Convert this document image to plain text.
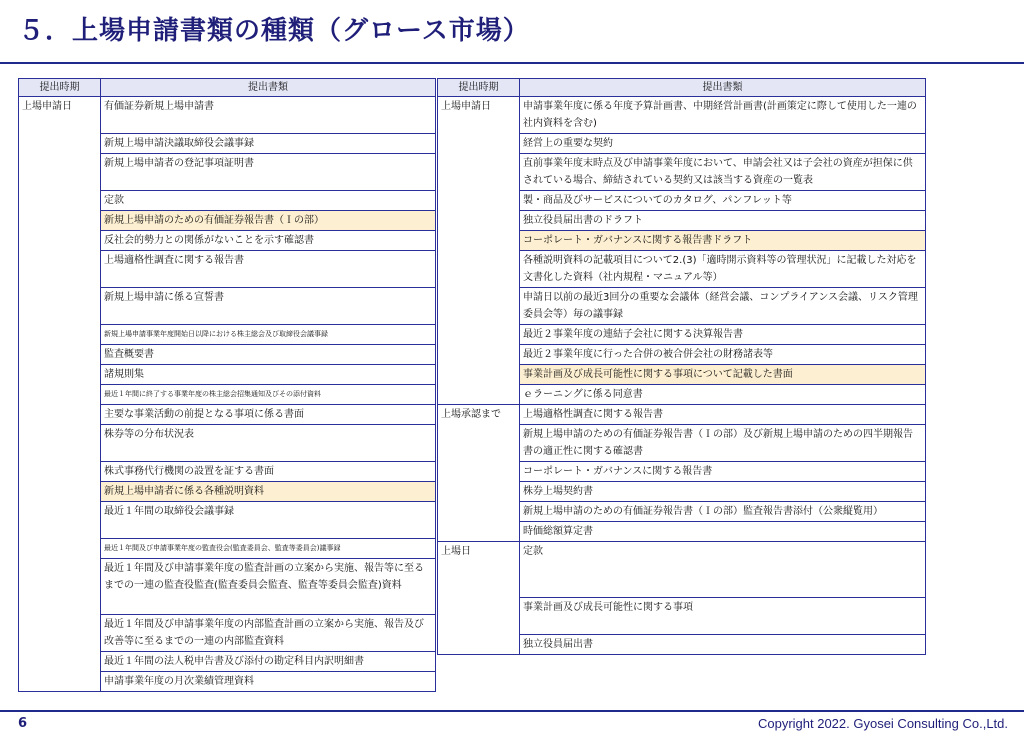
５．上場申請書類の種類（グロース市場）
提出時期	提出書類
上場申請日	有価証券新規上場申請書
	新規上場申請決議取締役会議事録
	新規上場申請者の登記事項証明書
	定款
	新規上場申請のための有価証券報告書（Ｉの部）
	反社会的勢力との関係がないことを示す確認書
	上場適格性調査に関する報告書
	新規上場申請に係る宣誓書
	新規上場申請事業年度開始日以降における株主総会及び取締役会議事録
	監査概要書
	諸規則集
	最近１年間に終了する事業年度の株主総会招集通知及びその添付資料
	主要な事業活動の前提となる事項に係る書面
	株券等の分布状況表
	株式事務代行機関の設置を証する書面
	新規上場申請者に係る各種説明資料
	最近１年間の取締役会議事録
	最近１年間及び申請事業年度の監査役会(監査委員会、監査等委員会)議事録
	最近１年間及び申請事業年度の監査計画の立案から実施、報告等に至るまでの一連の監査役監査(監査委員会監査、監査等委員会監査)資料
	最近１年間及び申請事業年度の内部監査計画の立案から実施、報告及び改善等に至るまでの一連の内部監査資料
	最近１年間の法人税申告書及び添付の勘定科目内訳明細書
	申請事業年度の月次業績管理資料
提出時期	提出書類
上場申請日	申請事業年度に係る年度予算計画書、中期経営計画書(計画策定に際して使用した一連の社内資料を含む)
	経営上の重要な契約
	直前事業年度末時点及び申請事業年度において、申請会社又は子会社の資産が担保に供されている場合、締結されている契約又は該当する資産の一覧表
	製・商品及びサービスについてのカタログ、パンフレット等
	独立役員届出書のドラフト
	コーポレート・ガバナンスに関する報告書ドラフト
	各種説明資料の記載項目について2.(3)「適時開示資料等の管理状況」に記載した対応を文書化した資料（社内規程・マニュアル等）
	申請日以前の最近3回分の重要な会議体（経営会議、コンプライアンス会議、リスク管理委員会等）毎の議事録
	最近２事業年度の連結子会社に関する決算報告書
	最近２事業年度に行った合併の被合併会社の財務諸表等
	事業計画及び成長可能性に関する事項について記載した書面
	ｅラーニングに係る同意書
上場承認まで	上場適格性調査に関する報告書
	新規上場申請のための有価証券報告書（Ｉの部）及び新規上場申請のための四半期報告書の適正性に関する確認書
	コーポレート・ガバナンスに関する報告書
	株券上場契約書
	新規上場申請のための有価証券報告書（Ｉの部）監査報告書添付（公衆縦覧用）
	時価総額算定書
上場日	定款
	事業計画及び成長可能性に関する事項
	独立役員届出書
6	Copyright 2022. Gyosei Consulting Co.,Ltd.
